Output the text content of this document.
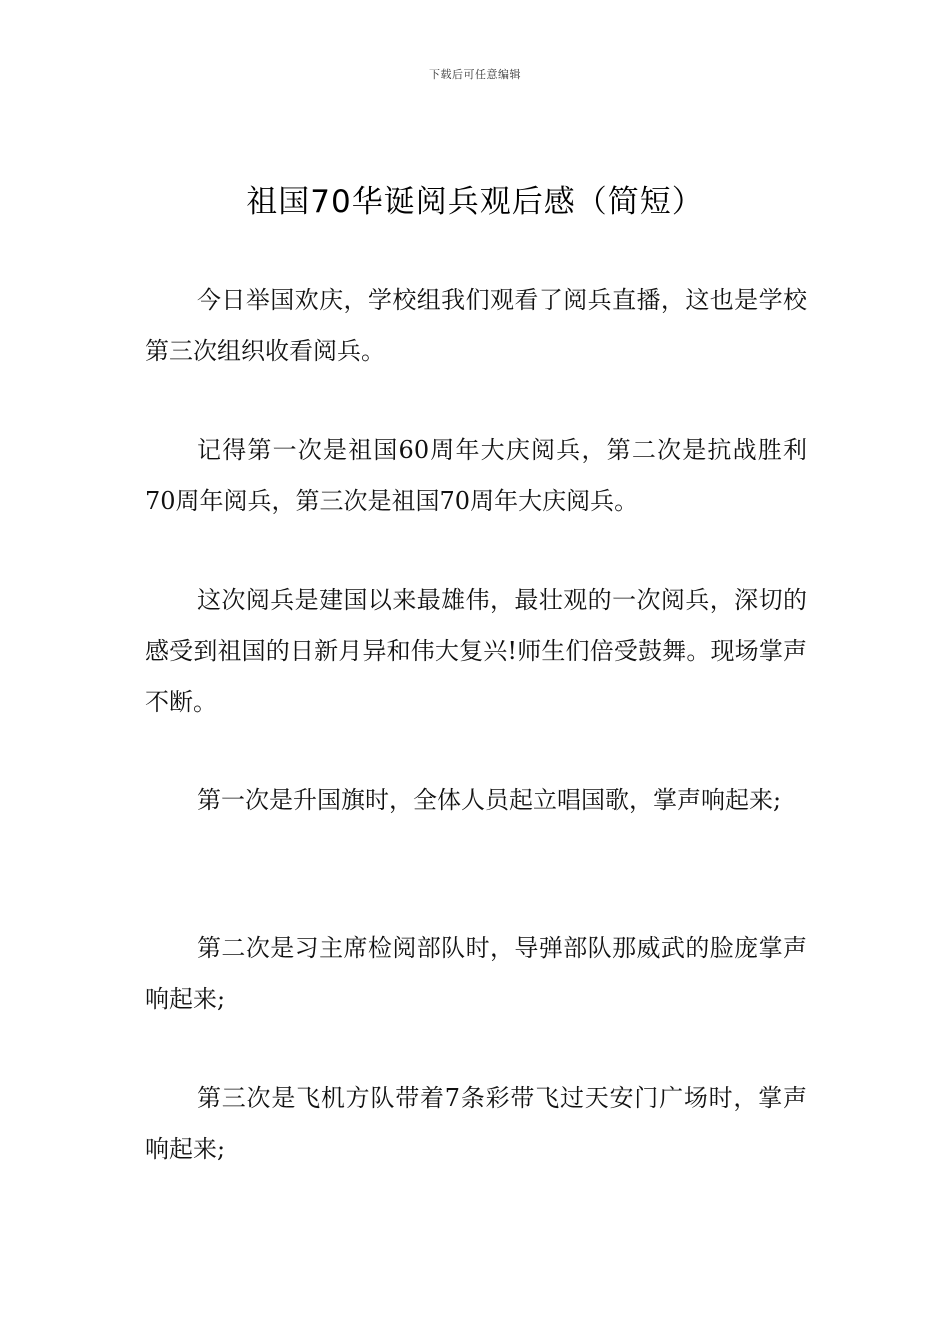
下载后可任意编辑
祖国70华诞阅兵观后感（简短）

今日举国欢庆，学校组我们观看了阅兵直播，这也是学校第三次组织收看阅兵。

记得第一次是祖国60周年大庆阅兵，第二次是抗战胜利70周年阅兵，第三次是祖国70周年大庆阅兵。

这次阅兵是建国以来最雄伟，最壮观的一次阅兵，深切的感受到祖国的日新月异和伟大复兴!师生们倍受鼓舞。现场掌声不断。

第一次是升国旗时，全体人员起立唱国歌，掌声响起来;

第二次是习主席检阅部队时，导弹部队那威武的脸庞掌声响起来;

第三次是飞机方队带着7条彩带飞过天安门广场时，掌声响起来;
